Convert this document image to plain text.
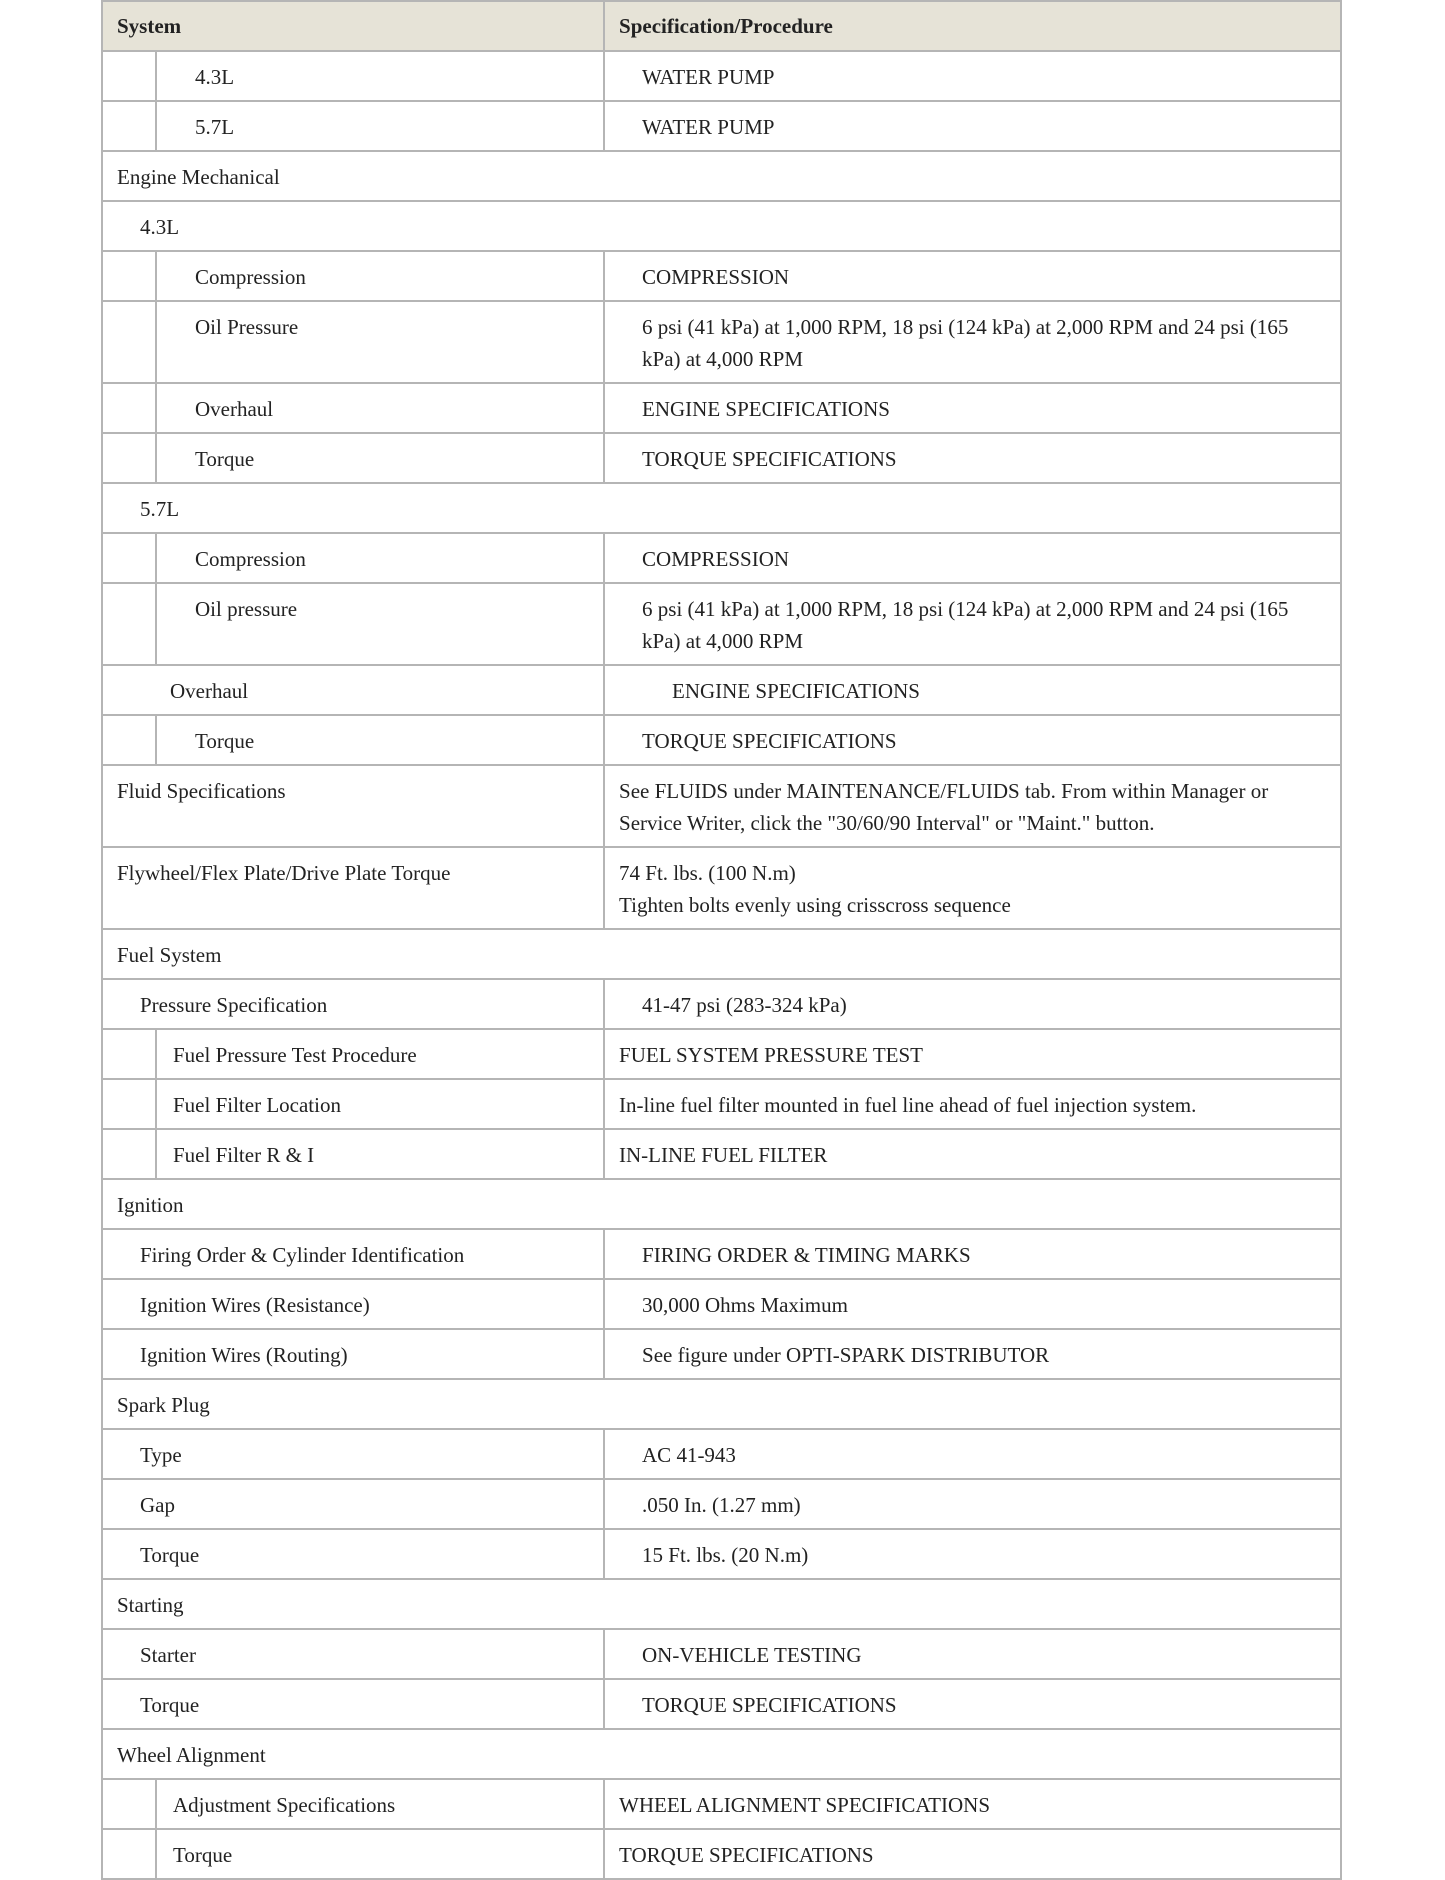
System		Specification/Procedure
	4.3L	WATER PUMP
	5.7L	WATER PUMP
Engine Mechanical		
4.3L		
	Compression	COMPRESSION
	Oil Pressure	6 psi (41 kPa) at 1,000 RPM, 18 psi (124 kPa) at 2,000 RPM and 24 psi (165 kPa) at 4,000 RPM
	Overhaul	ENGINE SPECIFICATIONS
	Torque	TORQUE SPECIFICATIONS
5.7L		
	Compression	COMPRESSION
	Oil pressure	6 psi (41 kPa) at 1,000 RPM, 18 psi (124 kPa) at 2,000 RPM and 24 psi (165 kPa) at 4,000 RPM
Overhaul		ENGINE SPECIFICATIONS
	Torque	TORQUE SPECIFICATIONS
Fluid Specifications		See FLUIDS under MAINTENANCE/FLUIDS tab. From within Manager or Service Writer, click the "30/60/90 Interval" or "Maint." button.
Flywheel/Flex Plate/Drive Plate Torque		74 Ft. lbs. (100 N.m)
Tighten bolts evenly using crisscross sequence

Fuel System		
Pressure Specification		41-47 psi (283-324 kPa)
	Fuel Pressure Test Procedure	FUEL SYSTEM PRESSURE TEST
	Fuel Filter Location	In-line fuel filter mounted in fuel line ahead of fuel injection system.
	Fuel Filter R & I	IN-LINE FUEL FILTER
Ignition		
Firing Order & Cylinder Identification		FIRING ORDER & TIMING MARKS
Ignition Wires (Resistance)		30,000 Ohms Maximum
Ignition Wires (Routing)		See figure under OPTI-SPARK DISTRIBUTOR
Spark Plug		
Type		AC 41-943
Gap		.050 In. (1.27 mm)
Torque		15 Ft. lbs. (20 N.m)
Starting		
Starter		ON-VEHICLE TESTING
Torque		TORQUE SPECIFICATIONS
Wheel Alignment		
	Adjustment Specifications	WHEEL ALIGNMENT SPECIFICATIONS
	Torque	TORQUE SPECIFICATIONS
